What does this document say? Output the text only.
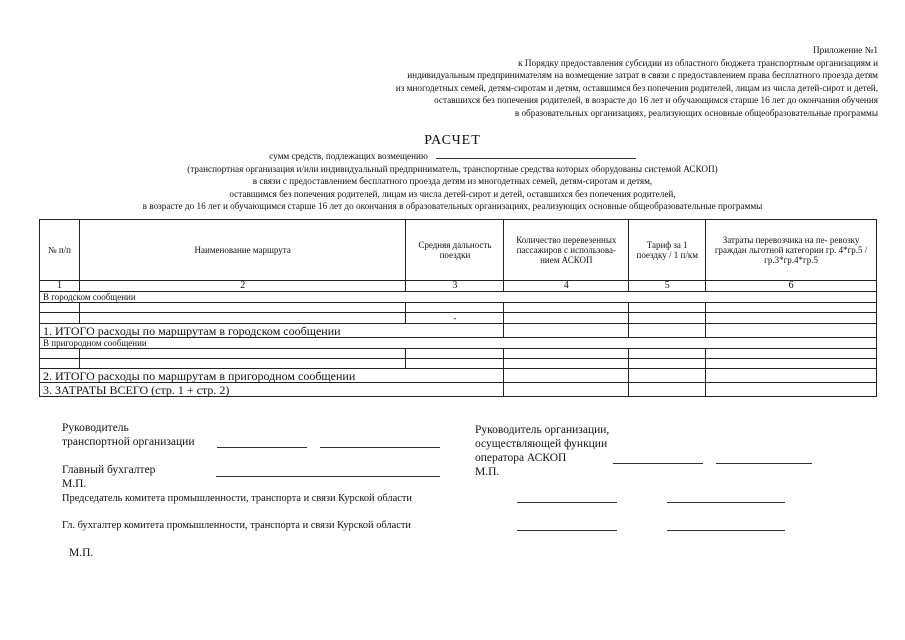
Приложение №1
к Порядку предоставления субсидии из областного бюджета транспортным организациям и
индивидуальным предпринимателям на возмещение затрат в связи с предоставлением права бесплатного проезда детям
из многодетных семей, детям-сиротам и детям, оставшимся без попечения родителей, лицам из числа детей-сирот и детей,
оставшихся без попечения родителей, в возрасте до 16 лет и обучающимся старше 16 лет до окончания обучения
в образовательных организациях, реализующих основные общеобразовательные программы
РАСЧЕТ
сумм средств, подлежащих возмещению
(транспортная организация и/или индивидуальный предприниматель, транспортные средства которых оборудованы системой АСКОП)
в связи с предоставлением бесплатного проезда детям из многодетных семей, детям-сиротам и детям,
оставшимся без попечения родителей, лицам из числа детей-сирот и детей, оставшихся без попечения родителей,
в возрасте до 16 лет и обучающимся старше 16 лет до окончания в образовательных организациях, реализующих основные общеобразовательные программы
№ п/п	Наименование маршрута	Средняя дальность поездки	Количество перевезенных пассажиров с использова- нием АСКОП	Тариф за 1 поездку / 1 п/км	Затраты перевозчика на пе- ревозку граждан льготной категории гр. 4*гр.5 / гр.3*гр.4*гр.5
1	2	3	4	5	6
В городском сообщении					

		-			
1. ИТОГО расходы по маршрутам в городском сообщении					
В пригородном сообщении					

2. ИТОГО расходы по маршрутам в пригородном сообщении					
3. ЗАТРАТЫ ВСЕГО (стр. 1 + стр. 2)					
Руководитель
транспортной организации
Главный бухгалтер
М.П.
Председатель комитета промышленности, транспорта и связи Курской области
Гл. бухгалтер комитета промышленности, транспорта и связи Курской области
М.П.
Руководитель организации,
осуществляющей функции
оператора АСКОП
М.П.
